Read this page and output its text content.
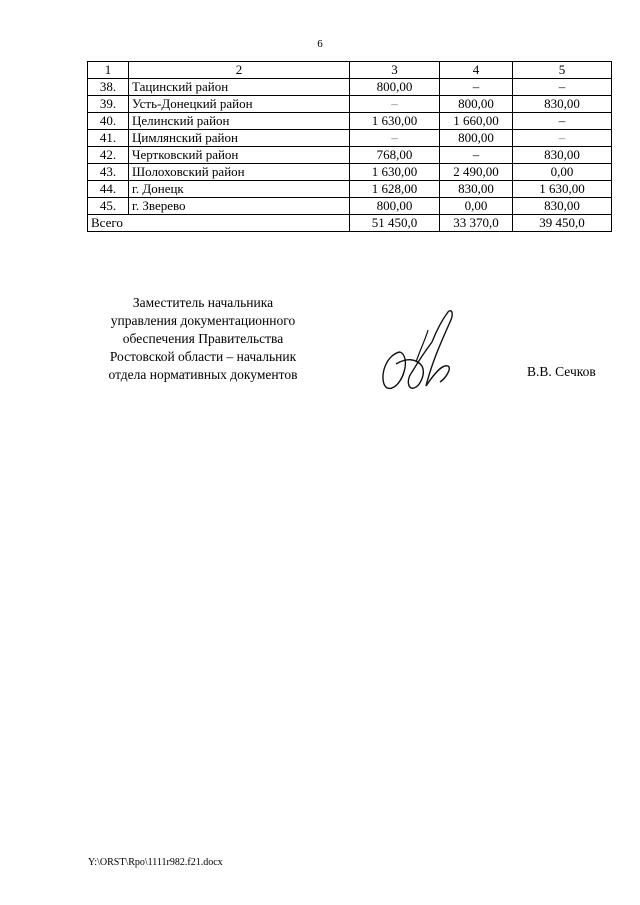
6
1	2	3	4	5
38.	Тацинский район	800,00	–	–
39.	Усть-Донецкий район	–	800,00	830,00
40.	Целинский район	1 630,00	1 660,00	–
41.	Цимлянский район	–	800,00	–
42.	Чертковский район	768,00	–	830,00
43.	Шолоховский район	1 630,00	2 490,00	0,00
44.	г. Донецк	1 628,00	830,00	1 630,00
45.	г. Зверево	800,00	0,00	830,00
Всего		51 450,0	33 370,0	39 450,0
Заместитель начальника
управления документационного
обеспечения Правительства
Ростовской области – начальник
отдела нормативных документов	В.В. Сечков
Y:\ORST\Rpo\1111r982.f21.docx
